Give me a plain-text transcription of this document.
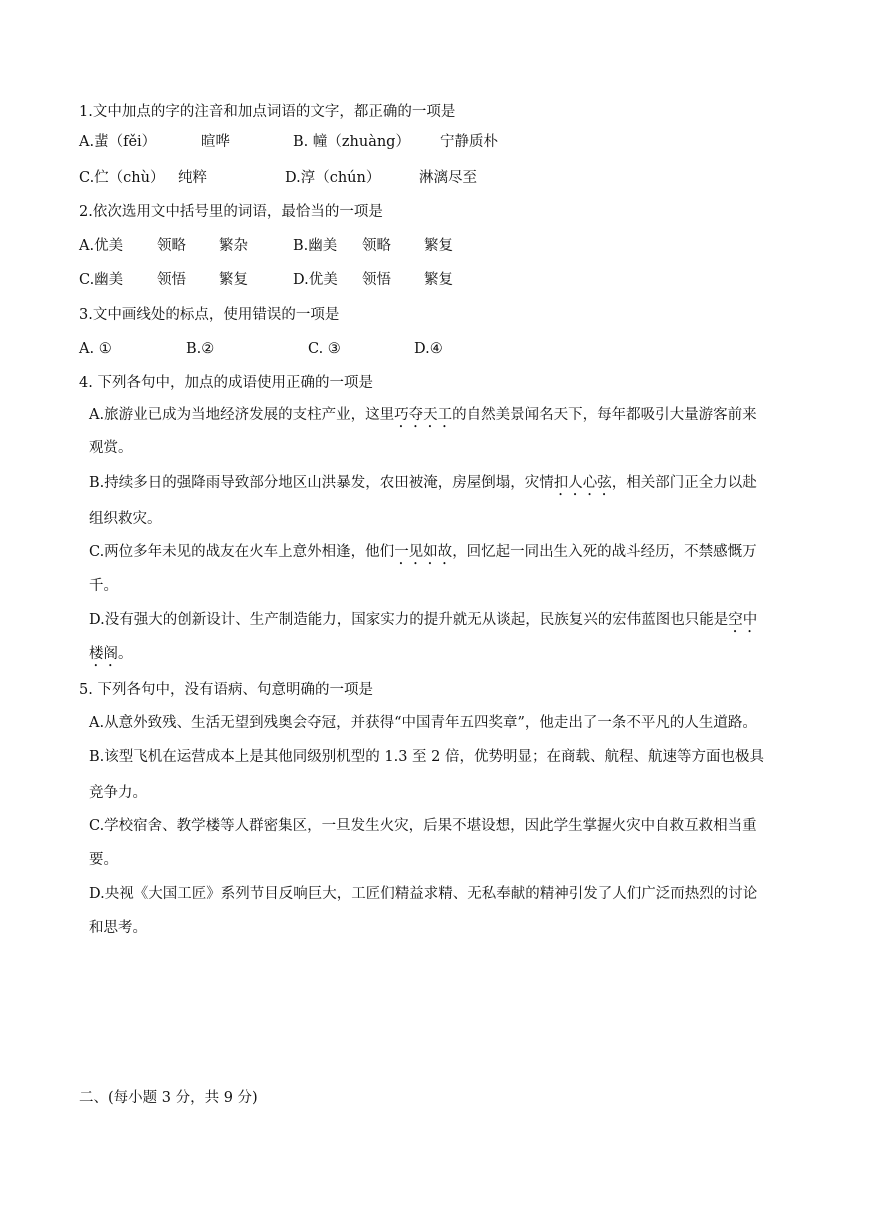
1.文中加点的字的注音和加点词语的文字，都正确的一项是
A.蜚（fěi）	暄哗	B. 幢（zhuàng） 宁静质朴
C.伫（chù） 纯粹	D.淳（chún）	淋漓尽至
2.依次选用文中括号里的词语，最恰当的一项是
A.优美 领略 繁杂	B.幽美 领略 繁复
C.幽美 领悟 繁复	D.优美 领悟 繁复
3.文中画线处的标点，使用错误的一项是
A. ①	B.②	C. ③	D.④
4. 下列各句中，加点的成语使用正确的一项是
A.旅游业已成为当地经济发展的支柱产业，这里巧夺天工的自然美景闻名天下，每年都吸引大量游客前来
观赏。
B.持续多日的强降雨导致部分地区山洪暴发，农田被淹，房屋倒塌，灾情扣人心弦，相关部门正全力以赴
组织救灾。
C.两位多年未见的战友在火车上意外相逢，他们一见如故，回忆起一同出生入死的战斗经历，不禁感慨万
千。
D.没有强大的创新设计、生产制造能力，国家实力的提升就无从谈起，民族复兴的宏伟蓝图也只能是空中
楼阁。
5. 下列各句中，没有语病、句意明确的一项是
A.从意外致残、生活无望到残奥会夺冠，并获得“中国青年五四奖章”，他走出了一条不平凡的人生道路。
B.该型飞机在运营成本上是其他同级别机型的 1.3 至 2 倍，优势明显；在商载、航程、航速等方面也极具
竞争力。
C.学校宿舍、教学楼等人群密集区，一旦发生火灾，后果不堪设想，因此学生掌握火灾中自救互救相当重
要。
D.央视《大国工匠》系列节目反响巨大，工匠们精益求精、无私奉献的精神引发了人们广泛而热烈的讨论
和思考。
二、(每小题 3 分，共 9 分)
